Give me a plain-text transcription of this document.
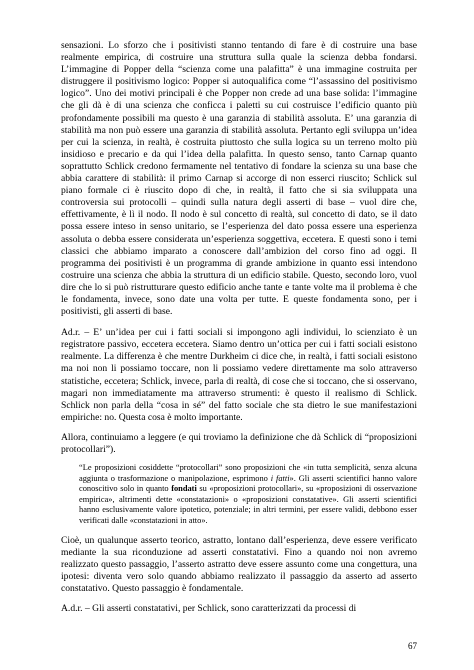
sensazioni. Lo sforzo che i positivisti stanno tentando di fare è di costruire una base realmente empirica, di costruire una struttura sulla quale la scienza debba fondarsi. L’immagine di Popper della “scienza come una palafitta” è una immagine costruita per distruggere il positivismo logico: Popper si autoqualifica come “l’assassino del positivismo logico”. Uno dei motivi principali è che Popper non crede ad una base solida: l’immagine che gli dà è di una scienza che conficca i paletti su cui costruisce l’edificio quanto più profondamente possibili ma questo è una garanzia di stabilità assoluta. E’ una garanzia di stabilità ma non può essere una garanzia di stabilità assoluta. Pertanto egli sviluppa un’idea per cui la scienza, in realtà, è costruita piuttosto che sulla logica su un terreno molto più insidioso e precario e da qui l’idea della palafitta. In questo senso, tanto Carnap quanto soprattutto Schlick credono fermamente nel tentativo di fondare la scienza su una base che abbia carattere di stabilità: il primo Carnap si accorge di non esserci riuscito; Schlick sul piano formale ci è riuscito dopo di che, in realtà, il fatto che si sia sviluppata una controversia sui protocolli – quindi sulla natura degli asserti di base – vuol dire che, effettivamente, è lì il nodo. Il nodo è sul concetto di realtà, sul concetto di dato, se il dato possa essere inteso in senso unitario, se l’esperienza del dato possa essere una esperienza assoluta o debba essere considerata un’esperienza soggettiva, eccetera. E questi sono i temi classici che abbiamo imparato a conoscere dall’ambizion del corso fino ad oggi. Il programma dei positivisti è un programma di grande ambizione in quanto essi intendono costruire una scienza che abbia la struttura di un edificio stabile. Questo, secondo loro, vuol dire che lo si può ristrutturare questo edificio anche tante e tante volte ma il problema è che le fondamenta, invece, sono date una volta per tutte. E queste fondamenta sono, per i positivisti, gli asserti di base.

Ad.r. – E’ un’idea per cui i fatti sociali si impongono agli individui, lo scienziato è un registratore passivo, eccetera eccetera. Siamo dentro un’ottica per cui i fatti sociali esistono realmente. La differenza è che mentre Durkheim ci dice che, in realtà, i fatti sociali esistono ma noi non li possiamo toccare, non li possiamo vedere direttamente ma solo attraverso statistiche, eccetera; Schlick, invece, parla di realtà, di cose che si toccano, che si osservano, magari non immediatamente ma attraverso strumenti: è questo il realismo di Schlick. Schlick non parla della “cosa in sé” del fatto sociale che sta dietro le sue manifestazioni empiriche: no. Questa cosa è molto importante.

Allora, continuiamo a leggere (e qui troviamo la definizione che dà Schlick di “proposizioni protocollari”).

“Le proposizioni cosiddette “protocollari” sono proposizioni che «in tutta semplicità, senza alcuna aggiunta o trasformazione o manipolazione, esprimono i fatti». Gli asserti scientifici hanno valore conoscitivo solo in quanto fondati su «proposizioni protocollari», su «proposizioni di osservazione empirica», altrimenti dette «constatazioni» o «proposizioni constatative». Gli asserti scientifici hanno esclusivamente valore ipotetico, potenziale; in altri termini, per essere validi, debbono esser verificati dalle «constatazioni in atto».

Cioè, un qualunque asserto teorico, astratto, lontano dall’esperienza, deve essere verificato mediante la sua riconduzione ad asserti constatativi. Fino a quando noi non avremo realizzato questo passaggio, l’asserto astratto deve essere assunto come una congettura, una ipotesi: diventa vero solo quando abbiamo realizzato il passaggio da asserto ad asserto constatativo. Questo passaggio è fondamentale.

A.d.r. – Gli asserti constatativi, per Schlick, sono caratterizzati da processi di

67
